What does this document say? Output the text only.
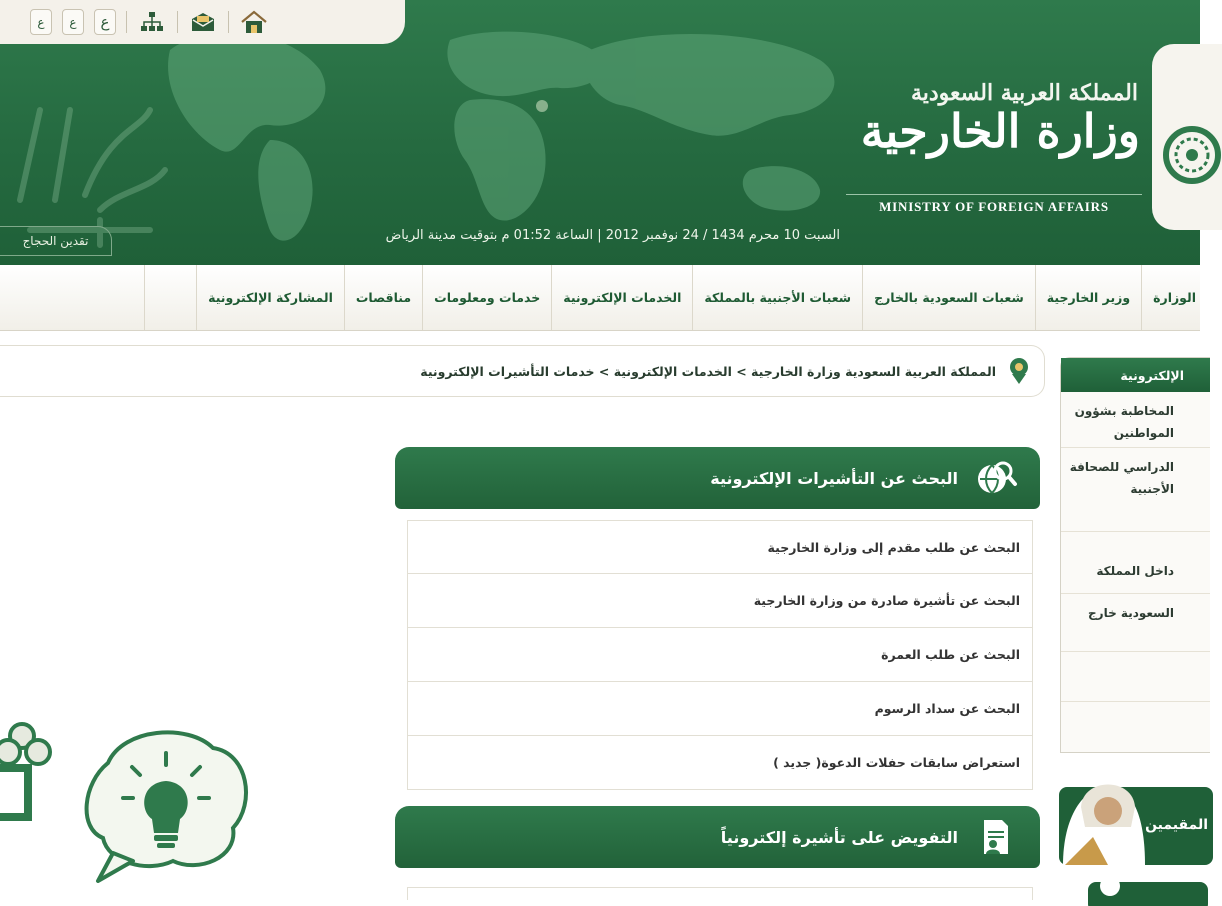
ع	ع	ع
المملكة العربية السعودية
وزارة الخارجية
MINISTRY OF FOREIGN AFFAIRS
السبت 10 محرم 1434 / 24 نوفمبر 2012 | الساعة 01:52 م بتوقيت مدينة الرياض
تقدين الحجاج
الوزارة
وزير الخارجية
شعبات السعودية بالخارج
شعبات الأجنبية بالمملكة
الخدمات الإلكترونية
خدمات ومعلومات
مناقصات
المشاركة الإلكترونية
المملكة العربية السعودية وزارة الخارجية > الخدمات الإلكترونية > خدمات التأشيرات الإلكترونية	الإلكترونية
المخاطبة بشؤون المواطنين
الدراسي للصحافة الأجنبية
داخل المملكة
السعودية خارج
المقيمين
البحث عن التأشيرات الإلكترونية
البحث عن طلب مقدم إلى وزارة الخارجية
البحث عن تأشيرة صادرة من وزارة الخارجية
البحث عن طلب العمرة
البحث عن سداد الرسوم
( جديد ) استعراض سابقات حفلات الدعوة
التفويض على تأشيرة إلكترونياً
